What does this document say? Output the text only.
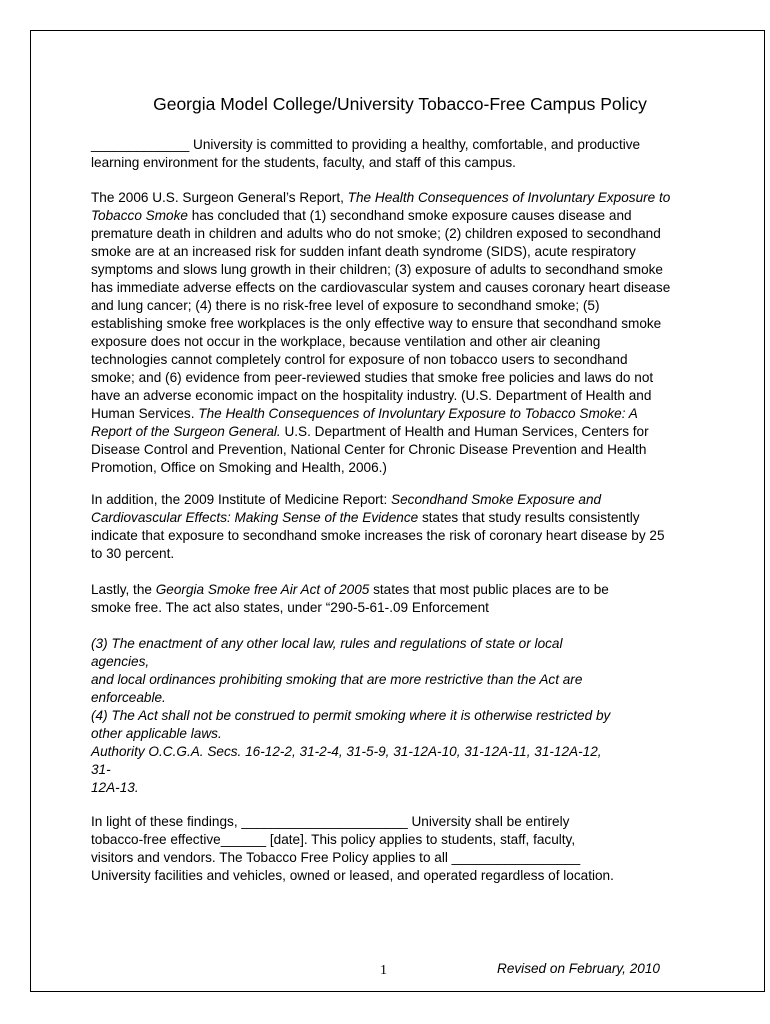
Georgia Model College/University Tobacco-Free Campus Policy
_____________ University is committed to providing a healthy, comfortable, and productive
learning environment for the students, faculty, and staff of this campus.
The 2006 U.S. Surgeon General’s Report, The Health Consequences of Involuntary Exposure to
Tobacco Smoke has concluded that (1) secondhand smoke exposure causes disease and
premature death in children and adults who do not smoke; (2) children exposed to secondhand
smoke are at an increased risk for sudden infant death syndrome (SIDS), acute respiratory
symptoms and slows lung growth in their children; (3) exposure of adults to secondhand smoke
has immediate adverse effects on the cardiovascular system and causes coronary heart disease
and lung cancer; (4) there is no risk-free level of exposure to secondhand smoke; (5)
establishing smoke free workplaces is the only effective way to ensure that secondhand smoke
exposure does not occur in the workplace, because ventilation and other air cleaning
technologies cannot completely control for exposure of non tobacco users to secondhand
smoke; and (6) evidence from peer-reviewed studies that smoke free policies and laws do not
have an adverse economic impact on the hospitality industry. (U.S. Department of Health and
Human Services. The Health Consequences of Involuntary Exposure to Tobacco Smoke: A
Report of the Surgeon General. U.S. Department of Health and Human Services, Centers for
Disease Control and Prevention, National Center for Chronic Disease Prevention and Health
Promotion, Office on Smoking and Health, 2006.)
In addition, the 2009 Institute of Medicine Report: Secondhand Smoke Exposure and
Cardiovascular Effects: Making Sense of the Evidence states that study results consistently
indicate that exposure to secondhand smoke increases the risk of coronary heart disease by 25
to 30 percent.
Lastly, the Georgia Smoke free Air Act of 2005 states that most public places are to be
smoke free. The act also states, under “290-5-61-.09 Enforcement
(3) The enactment of any other local law, rules and regulations of state or local
agencies,
and local ordinances prohibiting smoking that are more restrictive than the Act are
enforceable.
(4) The Act shall not be construed to permit smoking where it is otherwise restricted by
other applicable laws.
Authority O.C.G.A. Secs. 16-12-2, 31-2-4, 31-5-9, 31-12A-10, 31-12A-11, 31-12A-12,
31-
12A-13.
In light of these findings, ______________________ University shall be entirely
tobacco-free effective______ [date]. This policy applies to students, staff, faculty,
visitors and vendors. The Tobacco Free Policy applies to all _________________
University facilities and vehicles, owned or leased, and operated regardless of location.
1	Revised on February, 2010
